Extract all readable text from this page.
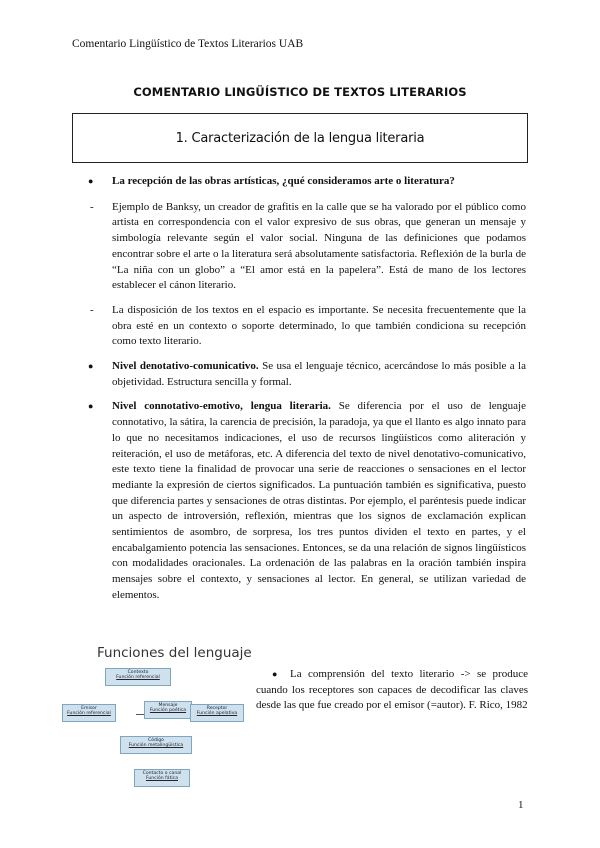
Comentario Lingüístico de Textos Literarios UAB
COMENTARIO LINGÜÍSTICO DE TEXTOS LITERARIOS
1. Caracterización de la lengua literaria
●	La recepción de las obras artísticas, ¿qué consideramos arte o literatura?
-	Ejemplo de Banksy, un creador de grafitis en la calle que se ha valorado por el público como artista en correspondencia con el valor expresivo de sus obras, que generan un mensaje y simbología relevante según el valor social. Ninguna de las definiciones que podamos encontrar sobre el arte o la literatura será absolutamente satisfactoria. Reflexión de la burla de “La niña con un globo” a “El amor está en la papelera”. Está de mano de los lectores establecer el cánon literario.
-	La disposición de los textos en el espacio es importante. Se necesita frecuentemente que la obra esté en un contexto o soporte determinado, lo que también condiciona su recepción como texto literario.
●	Nivel denotativo-comunicativo. Se usa el lenguaje técnico, acercándose lo más posible a la objetividad. Estructura sencilla y formal.
●	Nivel connotativo-emotivo, lengua literaria. Se diferencia por el uso de lenguaje connotativo, la sátira, la carencia de precisión, la paradoja, ya que el llanto es algo innato para lo que no necesitamos indicaciones, el uso de recursos lingüísticos como aliteración y reiteración, el uso de metáforas, etc. A diferencia del texto de nivel denotativo-comunicativo, este texto tiene la finalidad de provocar una serie de reacciones o sensaciones en el lector mediante la expresión de ciertos significados. La puntuación también es significativa, puesto que diferencia partes y sensaciones de otras distintas. Por ejemplo, el paréntesis puede indicar un aspecto de introversión, reflexión, mientras que los signos de exclamación explican sentimientos de asombro, de sorpresa, los tres puntos dividen el texto en partes, y el encabalgamiento potencia las sensaciones. Entonces, se da una relación de signos lingüísticos con modalidades oracionales. La ordenación de las palabras en la oración también inspira mensajes sobre el contexto, y sensaciones al lector. En general, se utilizan variedad de elementos.
Funciones del lenguaje
Contexto
Función referencial
Emisor
Función referencial
Mensaje
Función poética	Receptor
Función apelativa
Código
Función metalingüística
Contacto o canal
Función fática
● La comprensión del texto literario -> se produce cuando los receptores son capaces de decodificar las claves desde las que fue creado por el emisor (=autor). F. Rico, 1982
1
